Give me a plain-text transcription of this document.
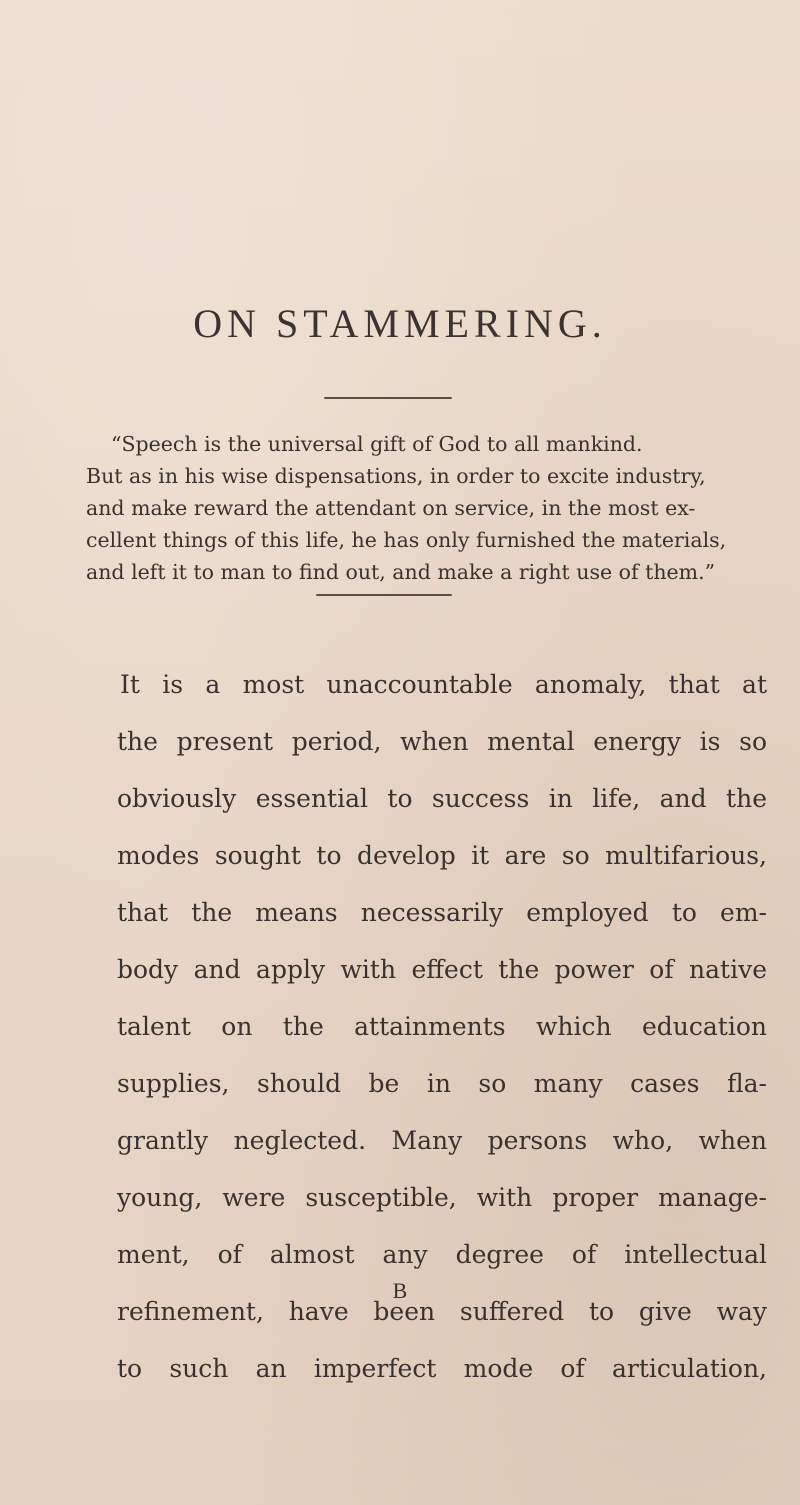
ON STAMMERING.
“Speech is the universal gift of God to all mankind.
But as in his wise dispensations, in order to excite industry,
and make reward the attendant on service, in the most ex-
cellent things of this life, he has only furnished the materials,
and left it to man to find out, and make a right use of them.”
It is a most unaccountable anomaly, that at
the present period, when mental energy is so
obviously essential to success in life, and the
modes sought to develop it are so multifarious,
that the means necessarily employed to em-
body and apply with effect the power of native
talent on the attainments which education
supplies, should be in so many cases fla-
grantly neglected. Many persons who, when
young, were susceptible, with proper manage-
ment, of almost any degree of intellectual
refinement, have been suffered to give way
to such an imperfect mode of articulation,
B
